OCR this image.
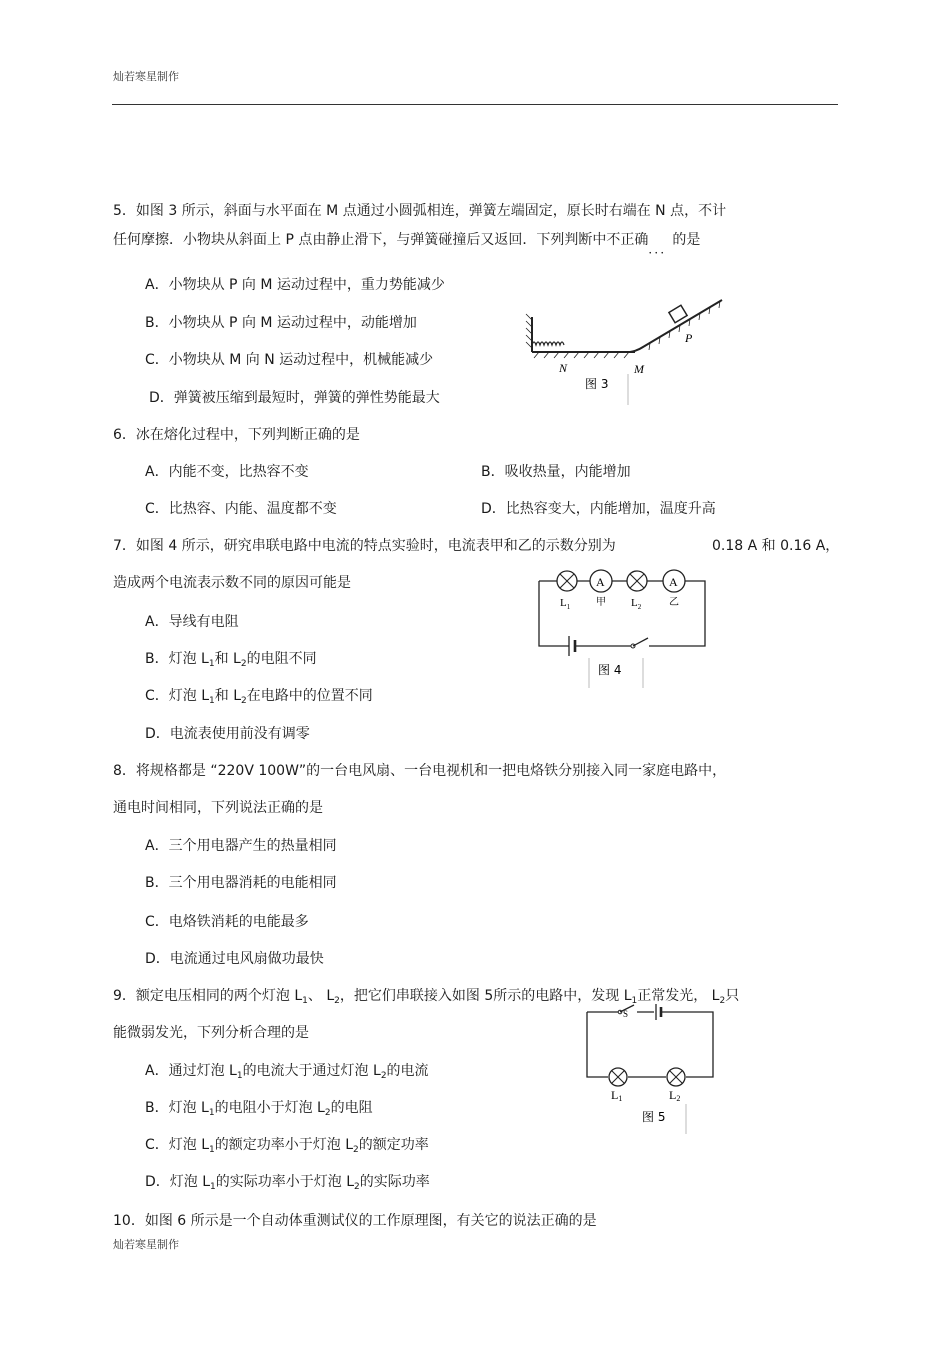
灿若寒星制作
5．如图 3 所示，斜面与水平面在 M 点通过小圆弧相连，弹簧左端固定，原长时右端在 N 点，不计
任何摩擦．小物块从斜面上 P 点由静止滑下，与弹簧碰撞后又返回．下列判断中不正确．．．的是
A．小物块从 P 向 M 运动过程中，重力势能减少
B．小物块从 P 向 M 运动过程中，动能增加
C．小物块从 M 向 N 运动过程中，机械能减少
D．弹簧被压缩到最短时，弹簧的弹性势能最大
P
N	M
图 3
6．冰在熔化过程中，下列判断正确的是
A．内能不变，比热容不变	B．吸收热量，内能增加
C．比热容、内能、温度都不变	D．比热容变大，内能增加，温度升高
7．如图 4 所示，研究串联电路中电流的特点实验时，电流表甲和乙的示数分别为	0.18 A 和 0.16 A，
造成两个电流表示数不同的原因可能是
A．导线有电阻
B．灯泡 $L_1$和 $L_2$的电阻不同
C．灯泡 $L_1$和 $L_2$在电路中的位置不同
D．电流表使用前没有调零
A	A
$L_1$	甲 $L_2$	乙
图 4
8．将规格都是 “220V 100W”的一台电风扇、一台电视机和一把电烙铁分别接入同一家庭电路中，
通电时间相同，下列说法正确的是
A．三个用电器产生的热量相同
B．三个用电器消耗的电能相同
C．电烙铁消耗的电能最多
D．电流通过电风扇做功最快
S
L1	L2
图 5
9．额定电压相同的两个灯泡 $L_1$、 $L_2$，把它们串联接入如图 5所示的电路中，发现 $L_1$正常发光， $L_2$只
能微弱发光，下列分析合理的是
A．通过灯泡 $L_1$的电流大于通过灯泡 $L_2$的电流
B．灯泡 $L_1$的电阻小于灯泡 $L_2$的电阻
C．灯泡 $L_1$的额定功率小于灯泡 $L_2$的额定功率
D．灯泡 $L_1$的实际功率小于灯泡 $L_2$的实际功率
10．如图 6 所示是一个自动体重测试仪的工作原理图，有关它的说法正确的是
灿若寒星制作
